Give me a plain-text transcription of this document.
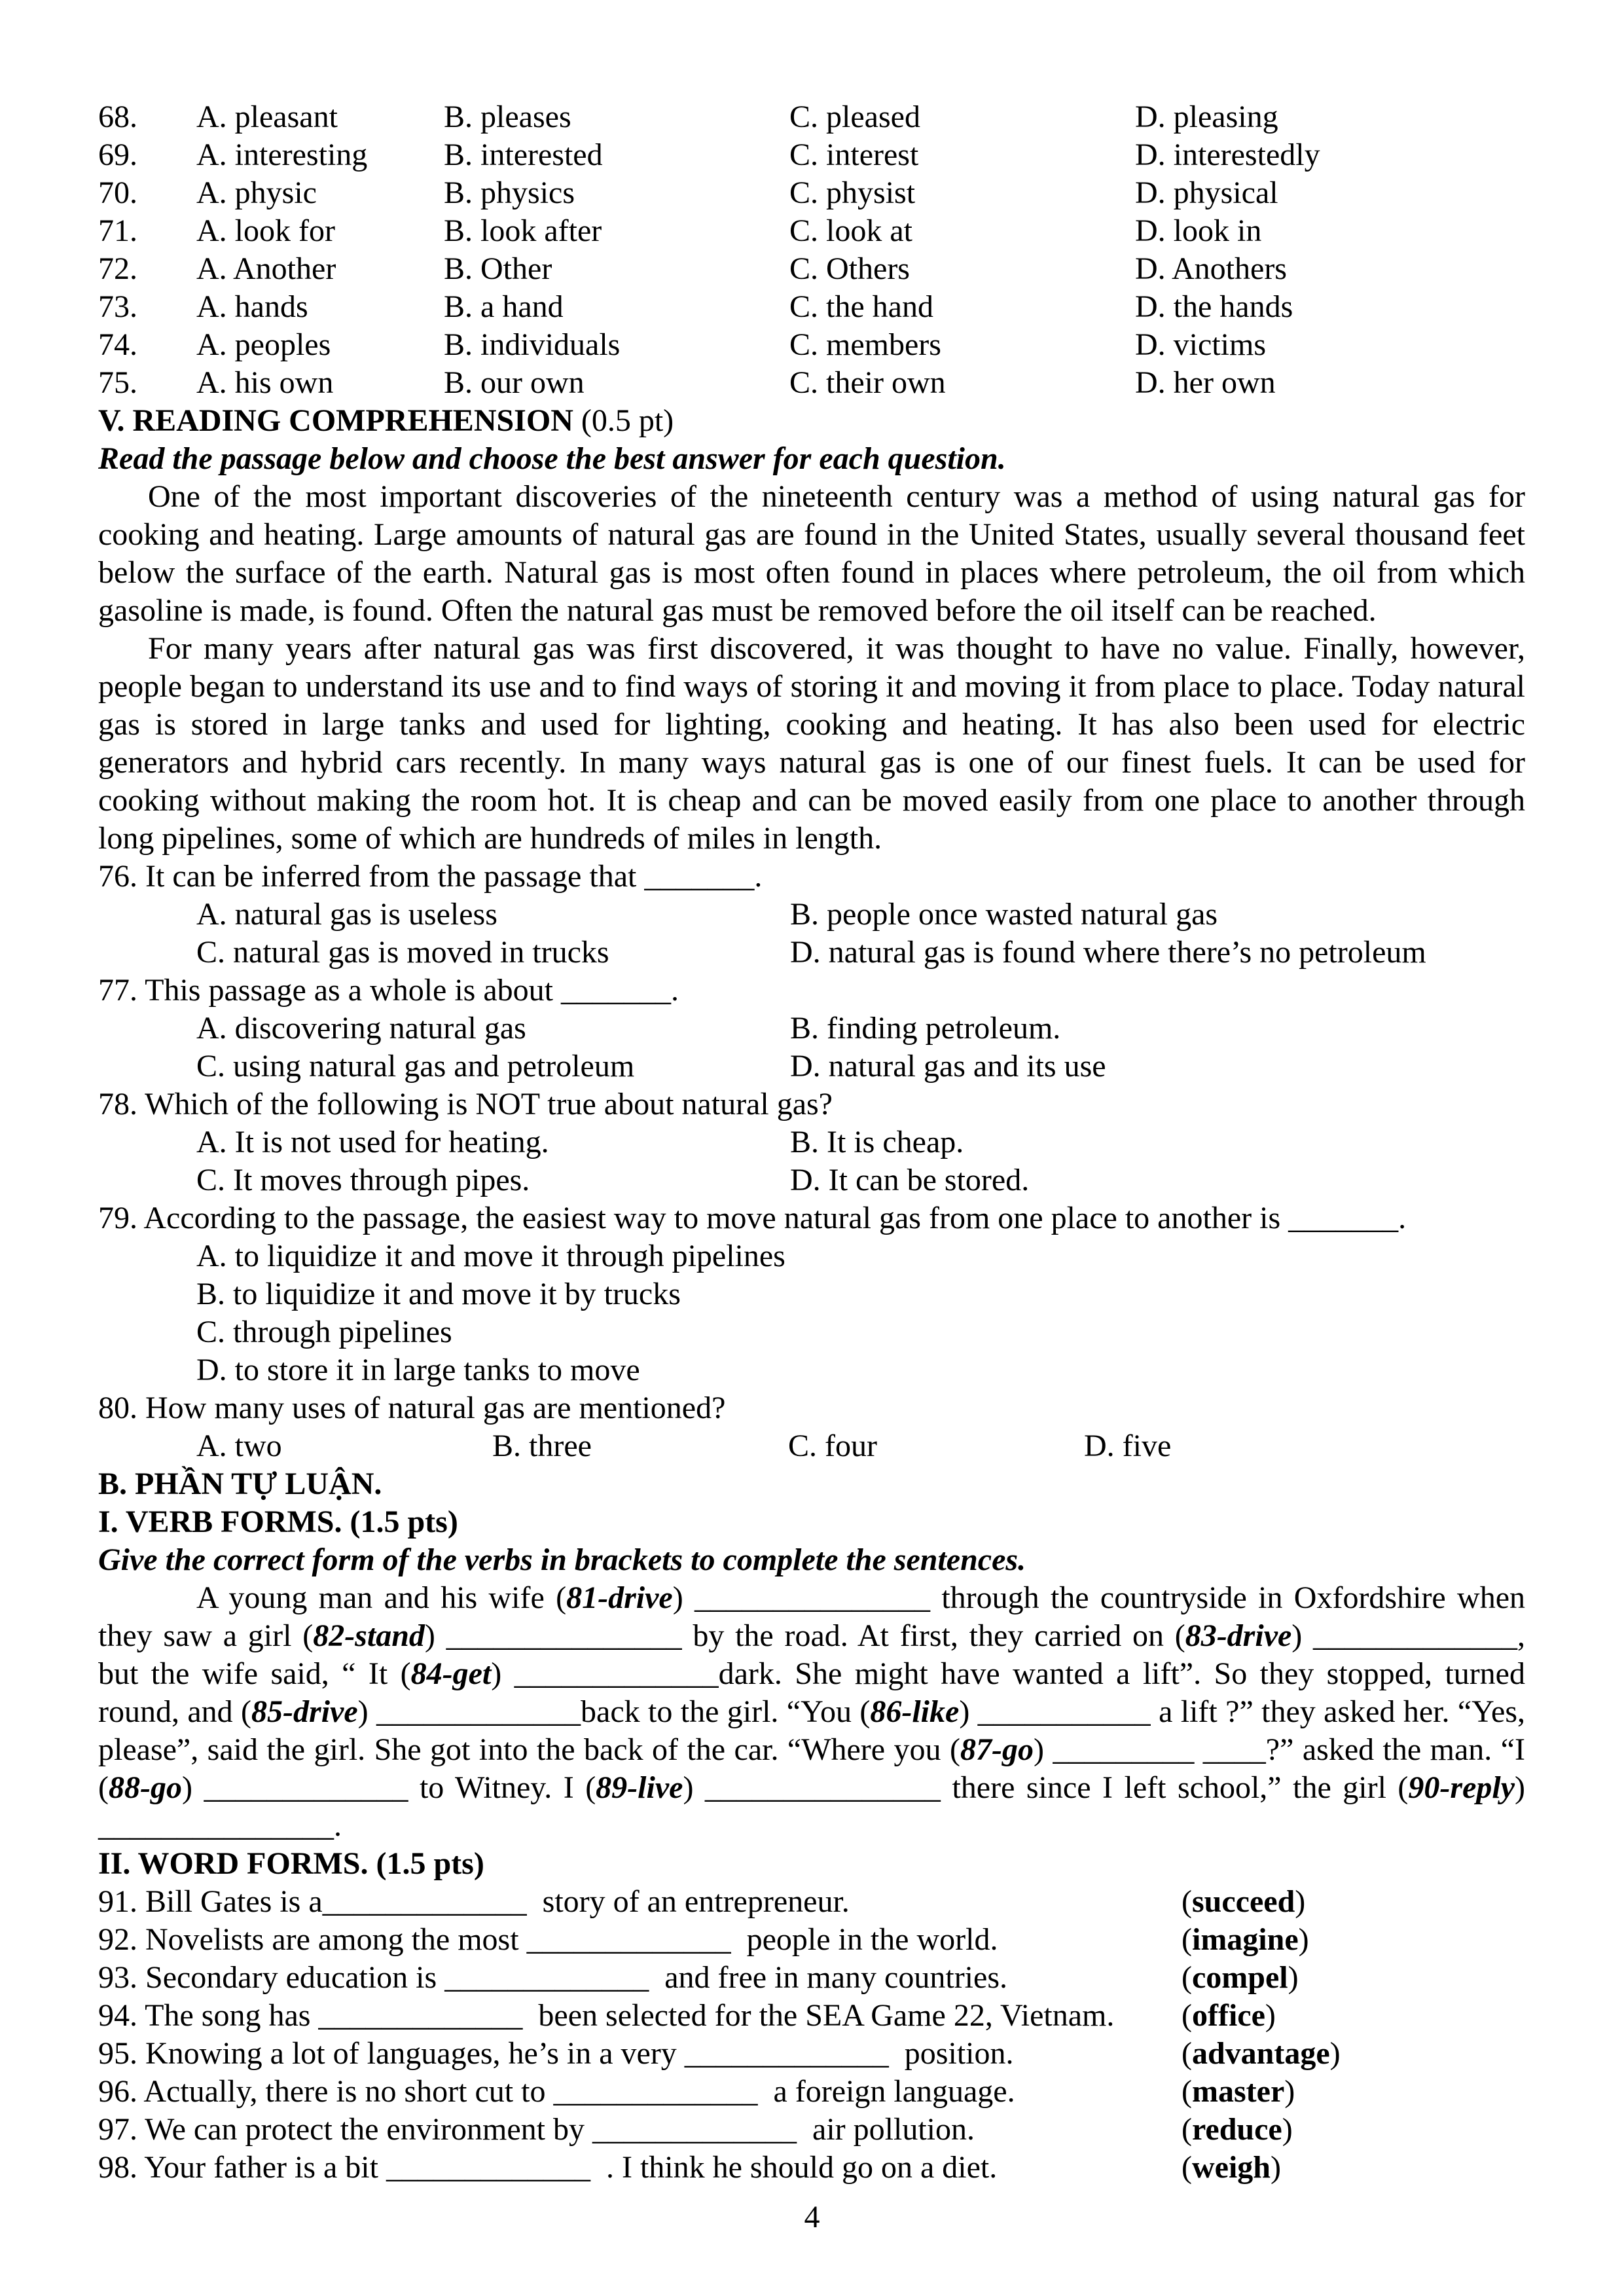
68.	A. pleasant	B. pleases	C. pleased	D. pleasing
69.	A. interesting	B. interested	C. interest	D. interestedly
70.	A. physic	B. physics	C. physist	D. physical
71.	A. look for	B. look after	C. look at	D. look in
72.	A. Another	B. Other	C. Others	D. Anothers
73.	A. hands	B. a hand	C. the hand	D. the hands
74.	A. peoples	B. individuals	C. members	D. victims
75.	A. his own	B. our own	C. their own	D. her own
V. READING COMPREHENSION (0.5 pt)
Read the passage below and choose the best answer for each question.
One of the most important discoveries of the nineteenth century was a method of using natural gas for cooking and heating. Large amounts of natural gas are found in the United States, usually several thousand feet below the surface of the earth. Natural gas is most often found in places where petroleum, the oil from which gasoline is made, is found. Often the natural gas must be removed before the oil itself can be reached.
For many years after natural gas was first discovered, it was thought to have no value. Finally, however, people began to understand its use and to find ways of storing it and moving it from place to place. Today natural gas is stored in large tanks and used for lighting, cooking and heating. It has also been used for electric generators and hybrid cars recently. In many ways natural gas is one of our finest fuels. It can be used for cooking without making the room hot. It is cheap and can be moved easily from one place to another through long pipelines, some of which are hundreds of miles in length.
76. It can be inferred from the passage that _______.
A. natural gas is useless	B. people once wasted natural gas
C. natural gas is moved in trucks	D. natural gas is found where there’s no petroleum
77. This passage as a whole is about _______.
A. discovering natural gas	B. finding petroleum.
C. using natural gas and petroleum	D. natural gas and its use
78. Which of the following is NOT true about natural gas?
A. It is not used for heating.	B. It is cheap.
C. It moves through pipes.	D. It can be stored.
79. According to the passage, the easiest way to move natural gas from one place to another is _______.
A. to liquidize it and move it through pipelines
B. to liquidize it and move it by trucks
C. through pipelines
D. to store it in large tanks to move
80. How many uses of natural gas are mentioned?
A. two	B. three	C. four	D. five
B. PHẦN TỰ LUẬN.
I. VERB FORMS. (1.5 pts)
Give the correct form of the verbs in brackets to complete the sentences.
A young man and his wife (81-drive) _______________ through the countryside in Oxfordshire when they saw a girl (82-stand) _______________ by the road. At first, they carried on (83-drive) _____________, but the wife said, “ It (84-get) _____________dark. She might have wanted a lift”. So they stopped, turned round, and (85-drive) _____________back to the girl. “You (86-like) ___________ a lift ?” they asked her. “Yes, please”, said the girl. She got into the back of the car. “Where you (87-go) _________ ____?” asked the man. “I (88-go) _____________ to Witney. I (89-live) _______________ there since I left school,” the girl (90-reply) _______________.
II. WORD FORMS. (1.5 pts)
91. Bill Gates is a_____________  story of an entrepreneur.	(succeed)
92. Novelists are among the most _____________  people in the world.	(imagine)
93. Secondary education is _____________  and free in many countries.	(compel)
94. The song has _____________  been selected for the SEA Game 22, Vietnam.	(office)
95. Knowing a lot of languages, he’s in a very _____________  position.	(advantage)
96. Actually, there is no short cut to _____________  a foreign language.	(master)
97. We can protect the environment by _____________  air pollution.	(reduce)
98. Your father is a bit _____________  . I think he should go on a diet.	(weigh)
4
